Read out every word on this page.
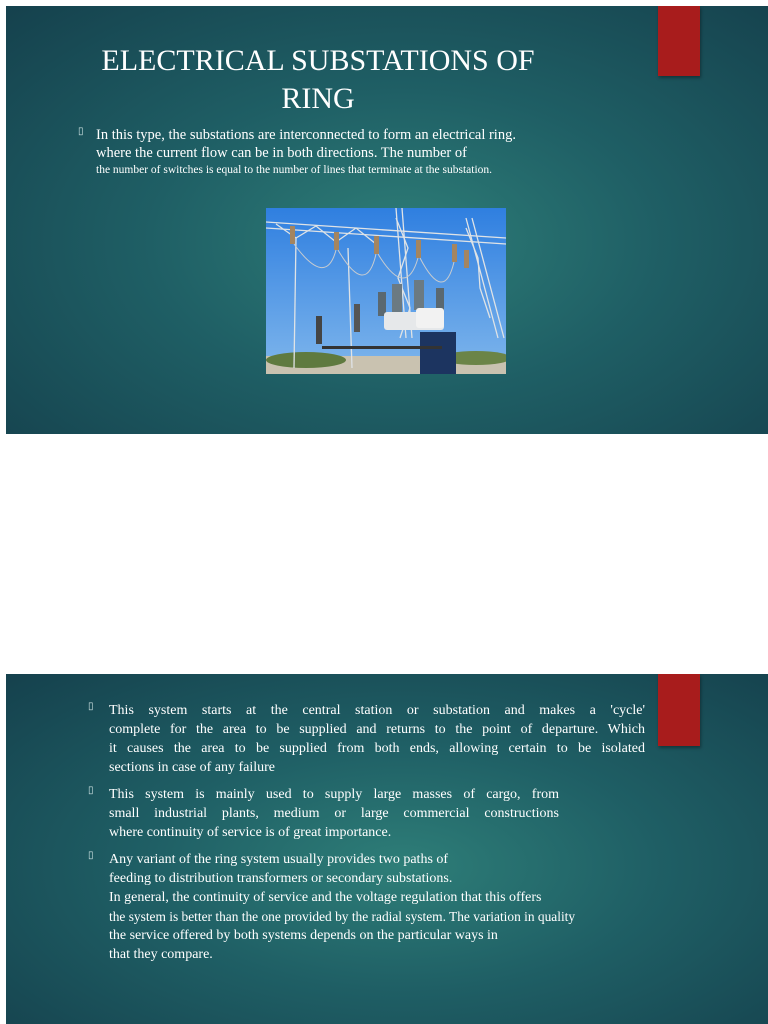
ELECTRICAL SUBSTATIONS OF
RING
▯ In this type, the substations are interconnected to form an electrical ring.
where the current flow can be in both directions. The number of
the number of switches is equal to the number of lines that terminate at the substation.
▯ This system starts at the central station or substation and makes a 'cycle'
complete for the area to be supplied and returns to the point of departure. Which
it causes the area to be supplied from both ends, allowing certain to be isolated
sections in case of any failure
▯ This system is mainly used to supply large masses of cargo, from
small industrial plants, medium or large commercial constructions
where continuity of service is of great importance.
▯ Any variant of the ring system usually provides two paths of
feeding to distribution transformers or secondary substations.
In general, the continuity of service and the voltage regulation that this offers
the system is better than the one provided by the radial system. The variation in quality
the service offered by both systems depends on the particular ways in
that they compare.
